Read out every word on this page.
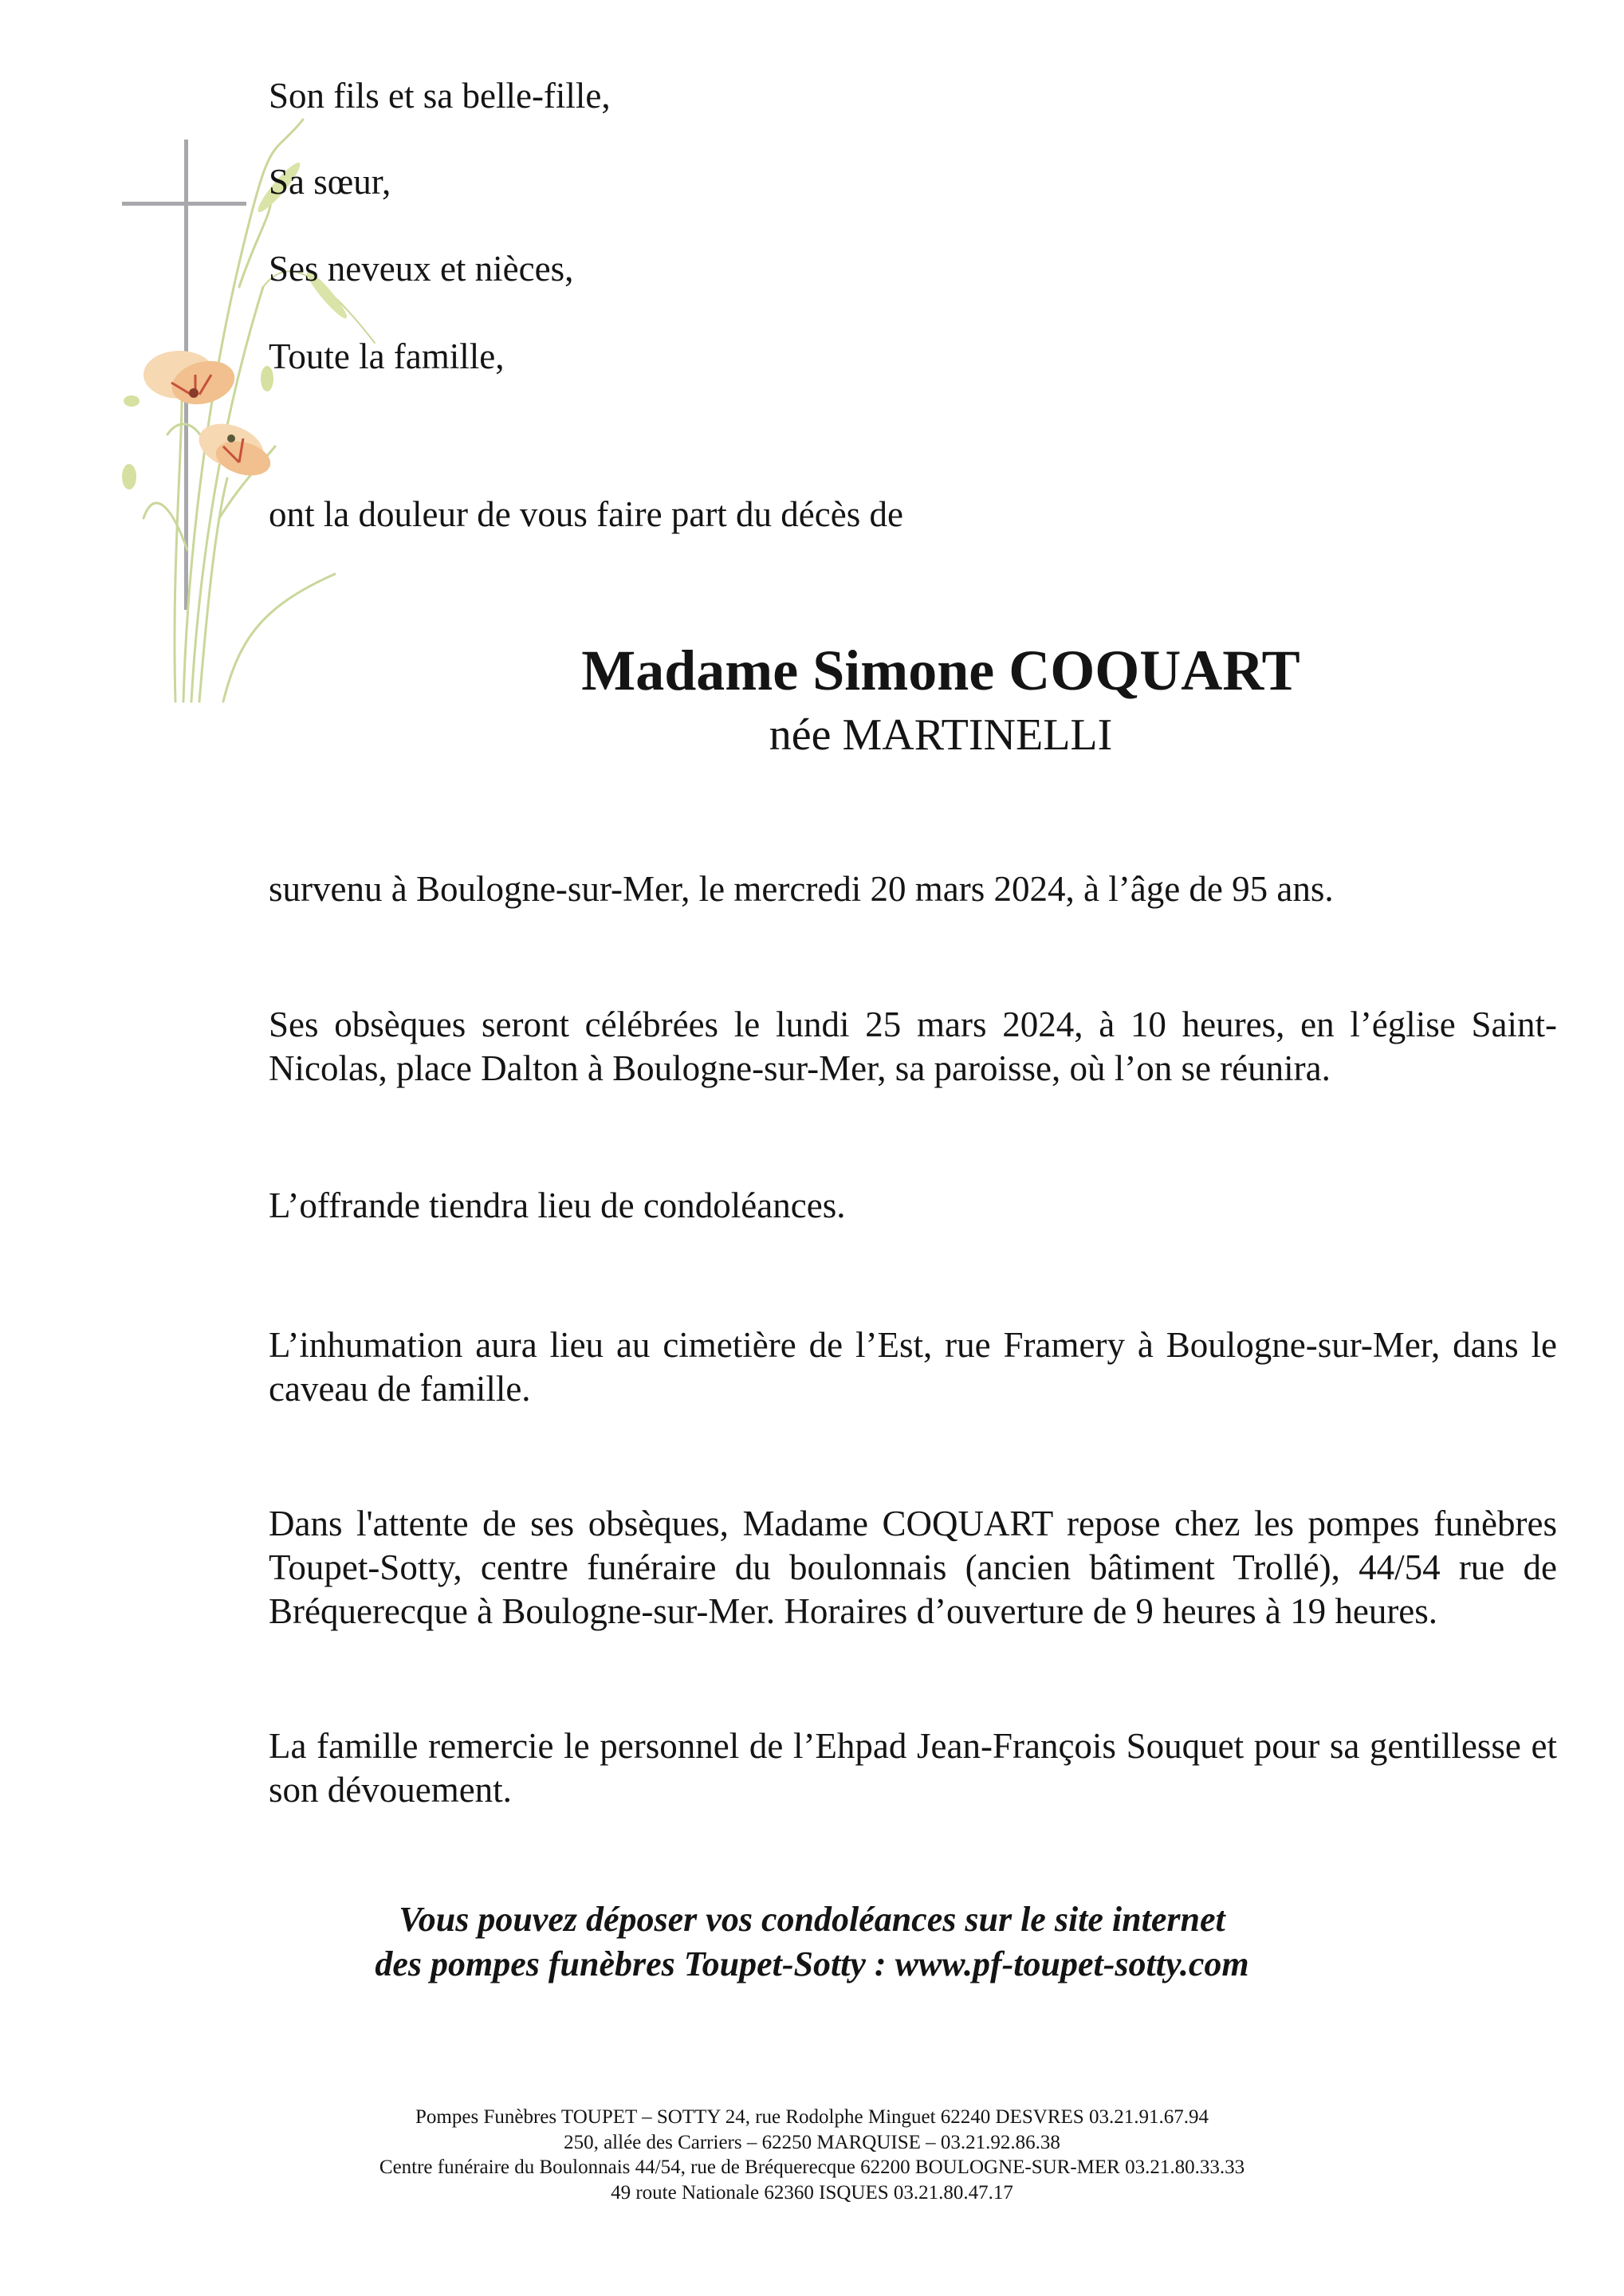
Son fils et sa belle-fille,
Sa sœur,
Ses neveux et nièces,
Toute la famille,
ont la douleur de vous faire part du décès de
Madame Simone COQUART
née MARTINELLI
survenu à Boulogne-sur-Mer, le mercredi 20 mars 2024, à l’âge de 95 ans.
Ses obsèques seront célébrées le lundi 25 mars 2024, à 10 heures, en l’église Saint-Nicolas, place Dalton à Boulogne-sur-Mer, sa paroisse, où l’on se réunira.
L’offrande tiendra lieu de condoléances.
L’inhumation aura lieu au cimetière de l’Est, rue Framery à Boulogne-sur-Mer, dans le caveau de famille.
Dans l'attente de ses obsèques, Madame COQUART repose chez les pompes funèbres Toupet-Sotty, centre funéraire du boulonnais (ancien bâtiment Trollé), 44/54 rue de Bréquerecque à Boulogne-sur-Mer. Horaires d’ouverture de 9 heures à 19 heures.
La famille remercie le personnel de l’Ehpad Jean-François Souquet pour sa gentillesse et son dévouement.
Vous pouvez déposer vos condoléances sur le site internet
des pompes funèbres Toupet-Sotty : www.pf-toupet-sotty.com
Pompes Funèbres TOUPET – SOTTY 24, rue Rodolphe Minguet 62240 DESVRES 03.21.91.67.94
250, allée des Carriers – 62250 MARQUISE – 03.21.92.86.38
Centre funéraire du Boulonnais 44/54, rue de Bréquerecque 62200 BOULOGNE-SUR-MER 03.21.80.33.33
49 route Nationale 62360 ISQUES 03.21.80.47.17
